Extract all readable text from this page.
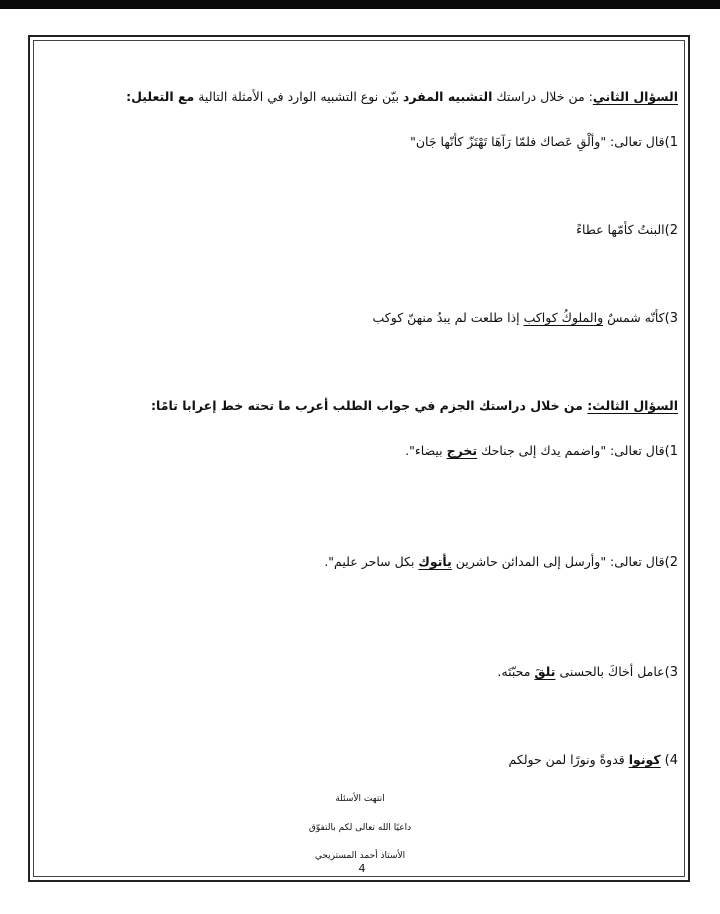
السؤال الثاني: من خلال دراستك التشبيه المفرد بيّن نوع التشبيه الوارد في الأمثلة التالية مع التعليل:
1)قال تعالى: "وألْقِ عَصاك فلمّا رَآهَا تَهْتَزّ كأنّها جَان"
2)البنتُ كأمّها عطاءً
3)كأنّه شمسٌ والملوكُ كواكب إذا طلعت لم يبدُ منهنّ كوكب
السؤال الثالث: من خلال دراستك الجزم في جواب الطلب أعرب ما تحته خط إعرابا تامًا:
1)قال تعالى: "واضمم يدك إلى جناحك تخرج بيضاء".
2)قال تعالى: "وأرسل إلى المدائن حاشرين يأتوك بكل ساحر عليم".
3)عامل أخاكَ بالحسنى تلقَ محبّتَه.
4) كونوا قدوةً ونورًا لمن حولكم
انتهت الأسئلة
داعيًا الله تعالى لكم بالتفوّق
الأستاذ أحمد المستريحي
4
